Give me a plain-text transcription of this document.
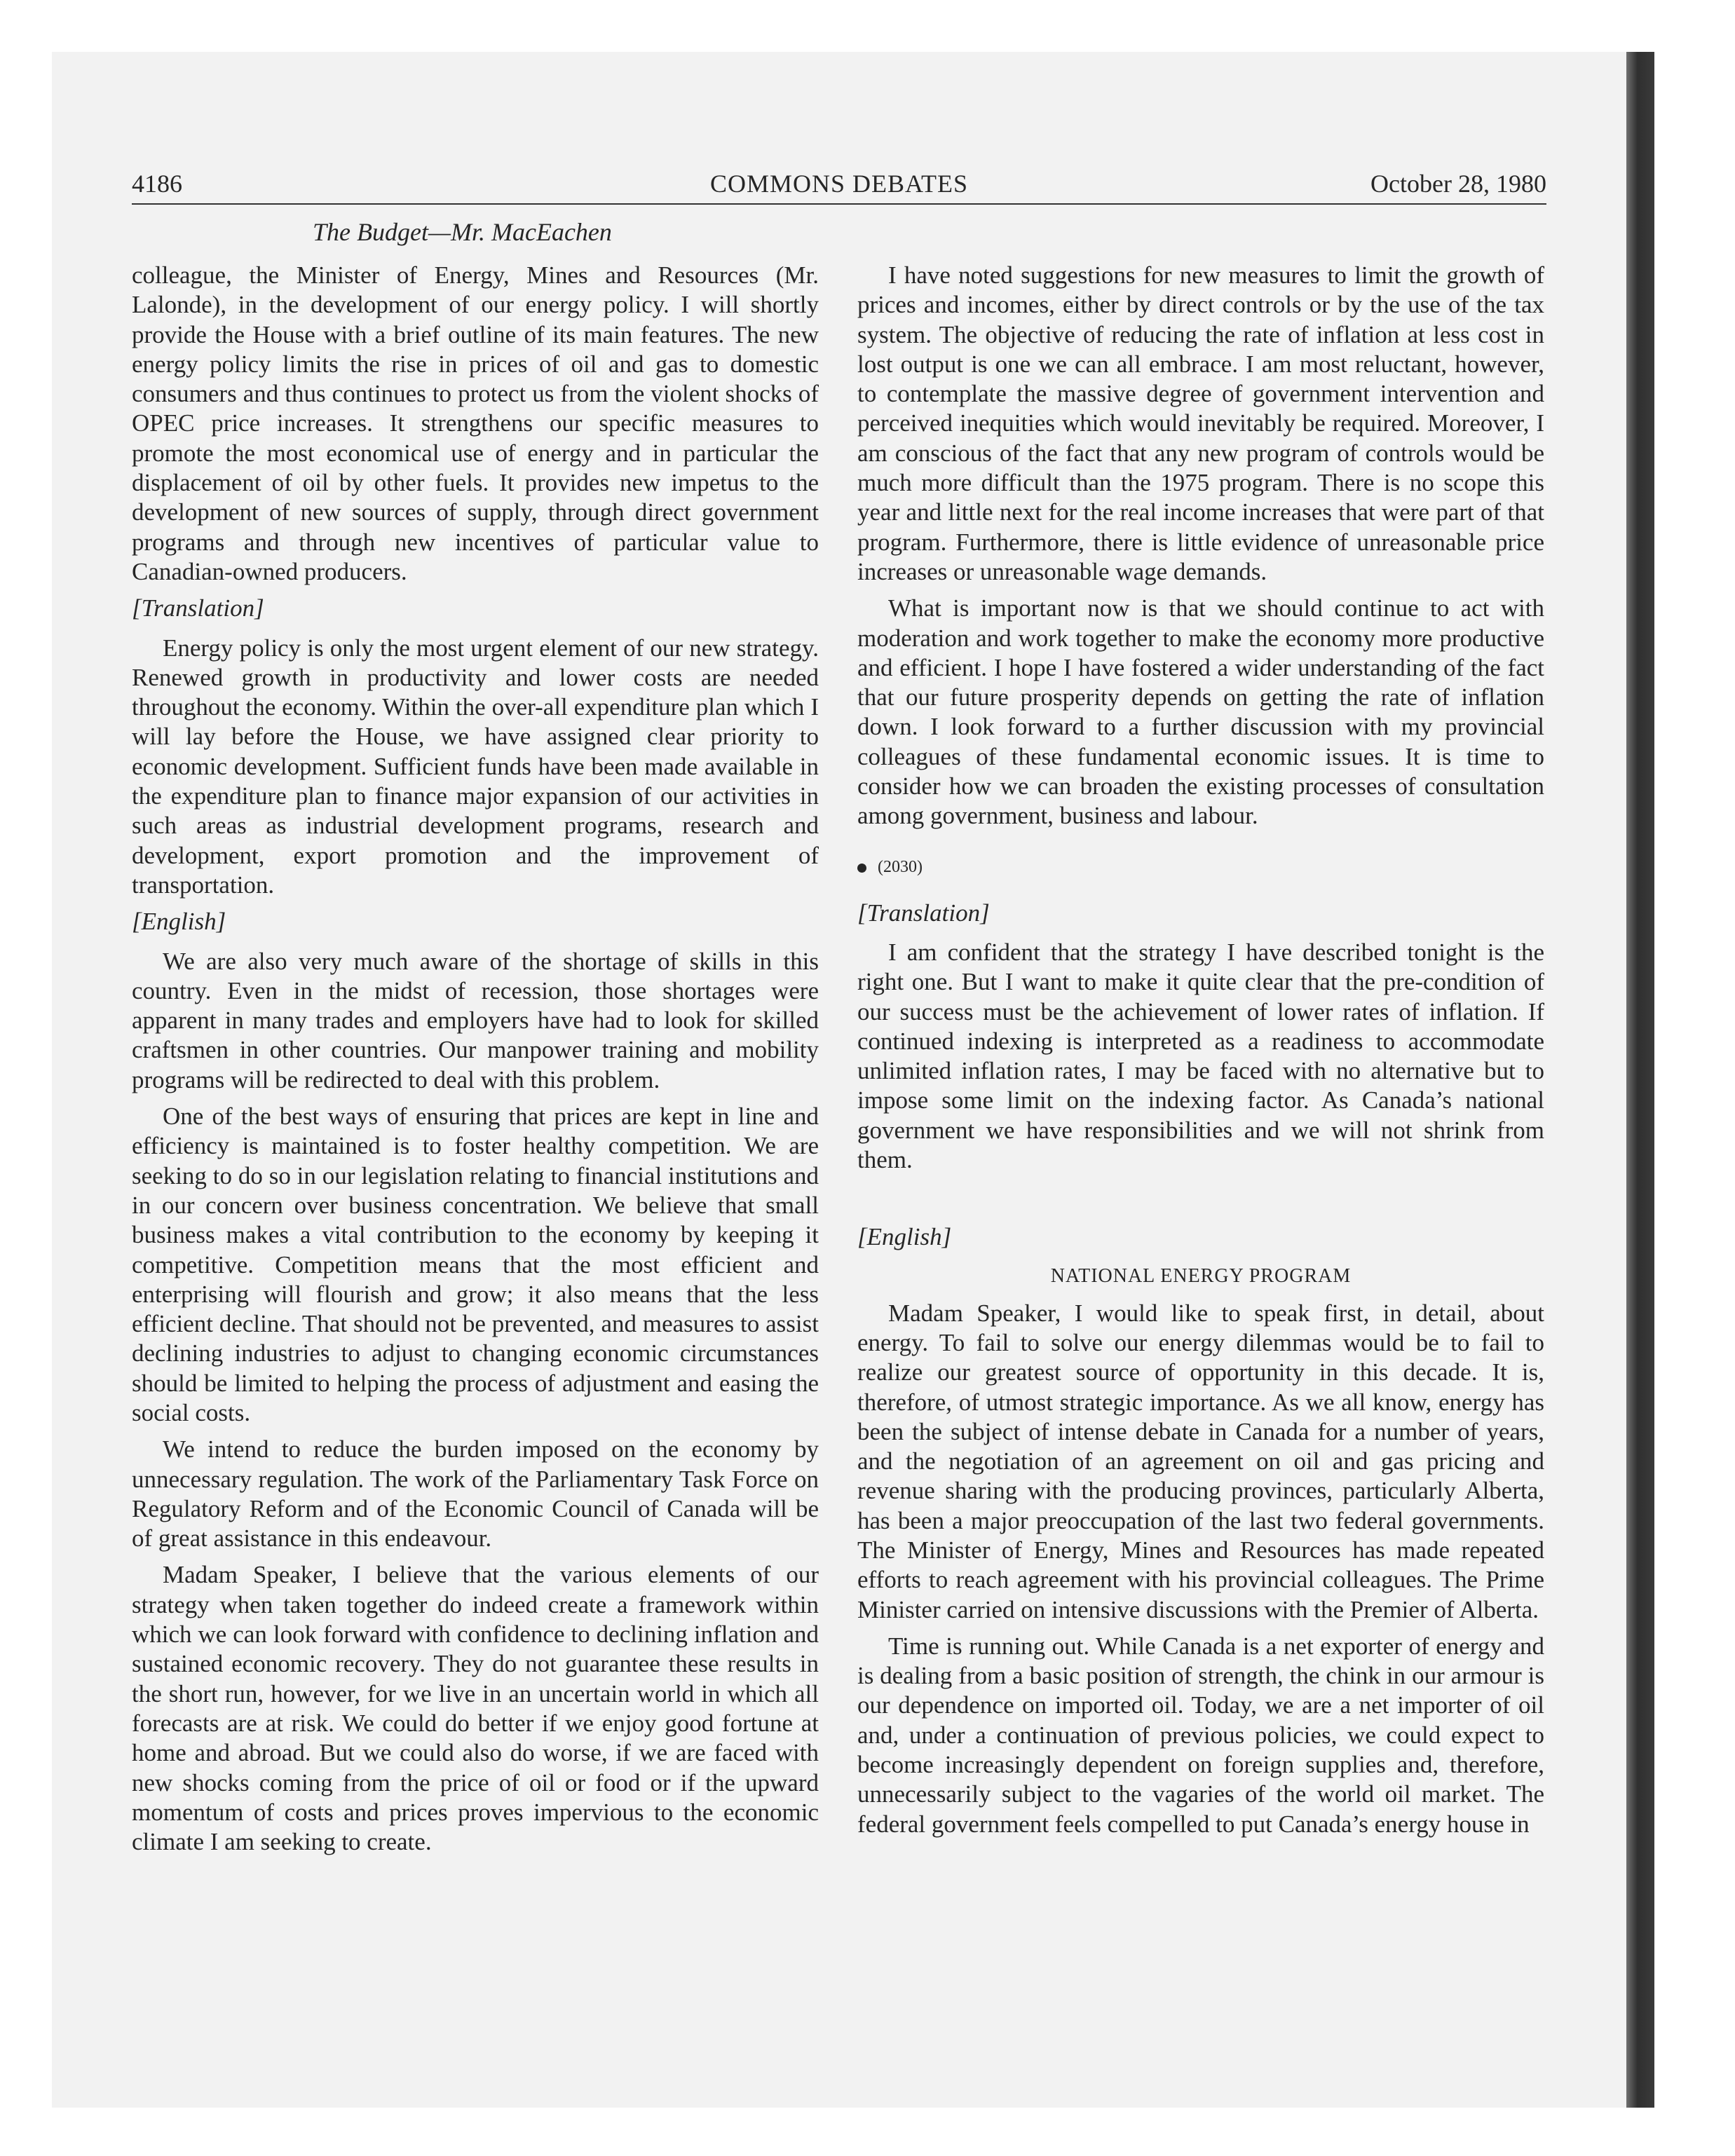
4186	COMMONS DEBATES	October 28, 1980
The Budget—Mr. MacEachen

colleague, the Minister of Energy, Mines and Resources (Mr. Lalonde), in the development of our energy policy. I will shortly provide the House with a brief outline of its main features. The new energy policy limits the rise in prices of oil and gas to domestic consumers and thus continues to protect us from the violent shocks of OPEC price increases. It strengthens our specific measures to promote the most economical use of energy and in particular the displacement of oil by other fuels. It provides new impetus to the development of new sources of supply, through direct government programs and through new incentives of particular value to Canadian-owned producers.

[Translation]

Energy policy is only the most urgent element of our new strategy. Renewed growth in productivity and lower costs are needed throughout the economy. Within the over-all expenditure plan which I will lay before the House, we have assigned clear priority to economic development. Sufficient funds have been made available in the expenditure plan to finance major expansion of our activities in such areas as industrial development programs, research and development, export promotion and the improvement of transportation.

[English]

We are also very much aware of the shortage of skills in this country. Even in the midst of recession, those shortages were apparent in many trades and employers have had to look for skilled craftsmen in other countries. Our manpower training and mobility programs will be redirected to deal with this problem.

One of the best ways of ensuring that prices are kept in line and efficiency is maintained is to foster healthy competition. We are seeking to do so in our legislation relating to financial institutions and in our concern over business concentration. We believe that small business makes a vital contribution to the economy by keeping it competitive. Competition means that the most efficient and enterprising will flourish and grow; it also means that the less efficient decline. That should not be prevented, and measures to assist declining industries to adjust to changing economic circumstances should be limited to helping the process of adjustment and easing the social costs.

We intend to reduce the burden imposed on the economy by unnecessary regulation. The work of the Parliamentary Task Force on Regulatory Reform and of the Economic Council of Canada will be of great assistance in this endeavour.

Madam Speaker, I believe that the various elements of our strategy when taken together do indeed create a framework within which we can look forward with confidence to declining inflation and sustained economic recovery. They do not guarantee these results in the short run, however, for we live in an uncertain world in which all forecasts are at risk. We could do better if we enjoy good fortune at home and abroad. But we could also do worse, if we are faced with new shocks coming from the price of oil or food or if the upward momentum of costs and prices proves impervious to the economic climate I am seeking to create.

I have noted suggestions for new measures to limit the growth of prices and incomes, either by direct controls or by the use of the tax system. The objective of reducing the rate of inflation at less cost in lost output is one we can all embrace. I am most reluctant, however, to contemplate the massive degree of government intervention and perceived inequities which would inevitably be required. Moreover, I am conscious of the fact that any new program of controls would be much more difficult than the 1975 program. There is no scope this year and little next for the real income increases that were part of that program. Furthermore, there is little evidence of unreasonable price increases or unreasonable wage demands.

What is important now is that we should continue to act with moderation and work together to make the economy more productive and efficient. I hope I have fostered a wider understanding of the fact that our future prosperity depends on getting the rate of inflation down. I look forward to a further discussion with my provincial colleagues of these fundamental economic issues. It is time to consider how we can broaden the existing processes of consultation among government, business and labour.

(2030)
[Translation]

I am confident that the strategy I have described tonight is the right one. But I want to make it quite clear that the pre-condition of our success must be the achievement of lower rates of inflation. If continued indexing is interpreted as a readiness to accommodate unlimited inflation rates, I may be faced with no alternative but to impose some limit on the indexing factor. As Canada’s national government we have responsibilities and we will not shrink from them.

[English]
NATIONAL ENERGY PROGRAM

Madam Speaker, I would like to speak first, in detail, about energy. To fail to solve our energy dilemmas would be to fail to realize our greatest source of opportunity in this decade. It is, therefore, of utmost strategic importance. As we all know, energy has been the subject of intense debate in Canada for a number of years, and the negotiation of an agreement on oil and gas pricing and revenue sharing with the producing provinces, particularly Alberta, has been a major preoccupation of the last two federal governments. The Minister of Energy, Mines and Resources has made repeated efforts to reach agreement with his provincial colleagues. The Prime Minister carried on intensive discussions with the Premier of Alberta.

Time is running out. While Canada is a net exporter of energy and is dealing from a basic position of strength, the chink in our armour is our dependence on imported oil. Today, we are a net importer of oil and, under a continuation of previous policies, we could expect to become increasingly dependent on foreign supplies and, therefore, unnecessarily subject to the vagaries of the world oil market. The federal government feels compelled to put Canada’s energy house in
